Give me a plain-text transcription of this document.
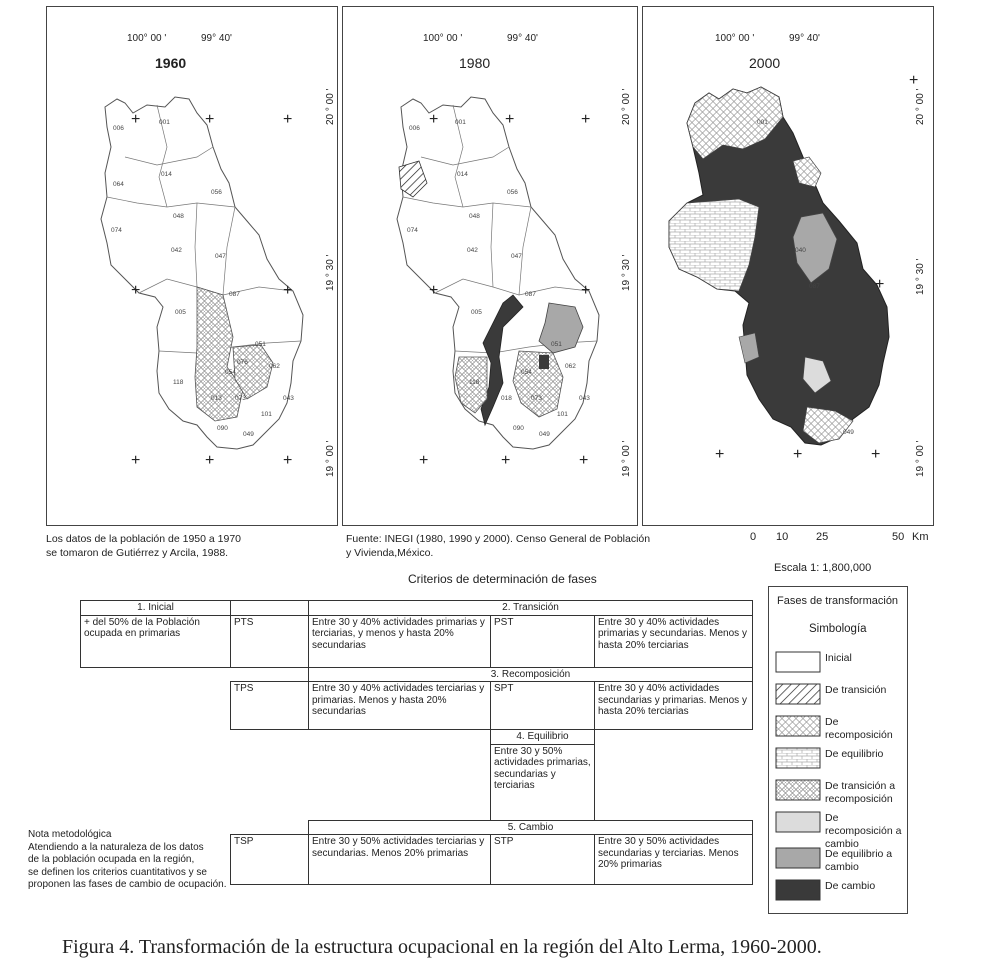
100° 00 '	99° 40'
1960
20 ° 00 '
19 ° 30 '
19 ° 00 '
+	+	+
+	+
+	+	+
006
001
014
064
056
048
074
042
047
087
005
051
076
062
054
118
013 073
101
043
090
049
100° 00 '	99° 40'
1980
20 ° 00 '
19 ° 30 '
19 ° 00 '
+	+	+
+	+
+	+	+
006
001
014
056
048
074
042
047
087
005
051
062
054
118
018	073
101
043
090
049
100° 00 '	99° 40'
2000
20 ° 00 '
19 ° 30 '
19 ° 00 '
+
+
+	+	+
001
040
087
049
Los datos de la población de 1950 a 1970
se tomaron de Gutiérrez y Arcila, 1988.
Fuente: INEGI (1980, 1990 y 2000). Censo General de Población
y Vivienda,México.
0 10	25	50 Km
Escala 1: 1,800,000
Criterios de determinación de fases
1. Inicial		2. Transición		
+ del 50% de la Población ocupada en primarias	PTS	Entre 30 y 40% actividades primarias y terciarias, y menos y hasta 20% secundarias	PST	Entre 30 y 40% actividades primarias y secundarias. Menos y hasta 20% terciarias
		3. Recomposición		
	TPS	Entre 30 y 40% actividades terciarias y primarias. Menos y hasta 20% secundarias	SPT	Entre 30 y 40% actividades secundarias y primarias. Menos y hasta 20% terciarias
			4. Equilibrio	
			Entre 30 y 50% actividades primarias, secundarias y terciarias	
		5. Cambio		
	TSP	Entre 30 y 50% actividades terciarias y secundarias. Menos 20% primarias	STP	Entre 30 y 50% actividades secundarias y terciarias. Menos 20% primarias
Nota metodológica
Atendiendo a la naturaleza de los datos
de la población ocupada en la región,
se definen los criterios cuantitativos y se
proponen las fases de cambio de ocupación.
Fases de transformación
Simbología
Inicial
De transición
De recomposición
De equilibrio
De transición a recomposición
De recomposición a cambio
De equilibrio a cambio
De cambio
Figura 4. Transformación de la estructura ocupacional en la región del Alto Lerma, 1960-2000.
